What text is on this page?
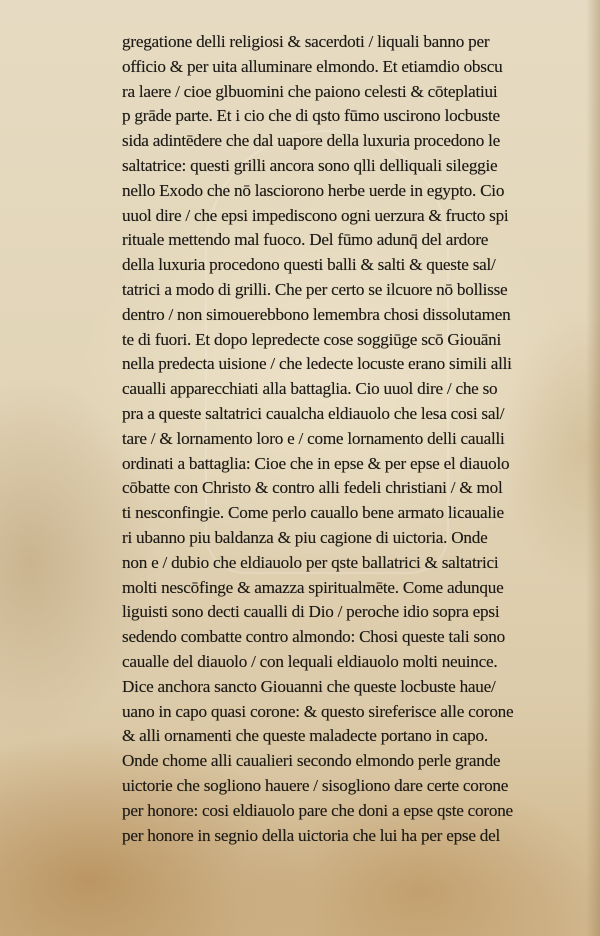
gregatione delli religiosi & sacerdoti / liquali banno per
officio & per uita alluminare elmondo. Et etiamdio obscu
ra laere / cioe glbuomini che paiono celesti & cōteplatiui
p grāde parte. Et i cio che di qsto fūmo uscirono locbuste
sida adintēdere che dal uapore della luxuria procedono le
saltatrice: questi grilli ancora sono qlli delliquali sileggie
nello Exodo che nō lasciorono herbe uerde in egypto. Cio
uuol dire / che epsi impediscono ogni uerzura & fructo spi
rituale mettendo mal fuoco. Del fūmo adunq̄ del ardore
della luxuria procedono questi balli & salti & queste sal/
tatrici a modo di grilli. Che per certo se ilcuore nō bollisse
dentro / non simouerebbono lemembra chosi dissolutamen
te di fuori. Et dopo lepredecte cose soggiūge scō Giouāni
nella predecta uisione / che ledecte locuste erano simili alli
caualli apparecchiati alla battaglia. Cio uuol dire / che so
pra a queste saltatrici caualcha eldiauolo che lesa cosi sal/
tare / & lornamento loro e / come lornamento delli caualli
ordinati a battaglia: Cioe che in epse & per epse el diauolo
cōbatte con Christo & contro alli fedeli christiani / & mol
ti nesconfingie. Come perlo cauallo bene armato licaualie
ri ubanno piu baldanza & piu cagione di uictoria. Onde
non e / dubio che eldiauolo per qste ballatrici & saltatrici
molti nescōfinge & amazza spiritualmēte. Come adunque
liguisti sono decti caualli di Dio / peroche idio sopra epsi
sedendo combatte contro almondo: Chosi queste tali sono
caualle del diauolo / con lequali eldiauolo molti neuince.
Dice anchora sancto Giouanni che queste locbuste haue/
uano in capo quasi corone: & questo sireferisce alle corone
& alli ornamenti che queste maladecte portano in capo.
Onde chome alli caualieri secondo elmondo perle grande
uictorie che sogliono hauere / sisogliono dare certe corone
per honore: cosi eldiauolo pare che doni a epse qste corone
per honore in segnio della uictoria che lui ha per epse del
